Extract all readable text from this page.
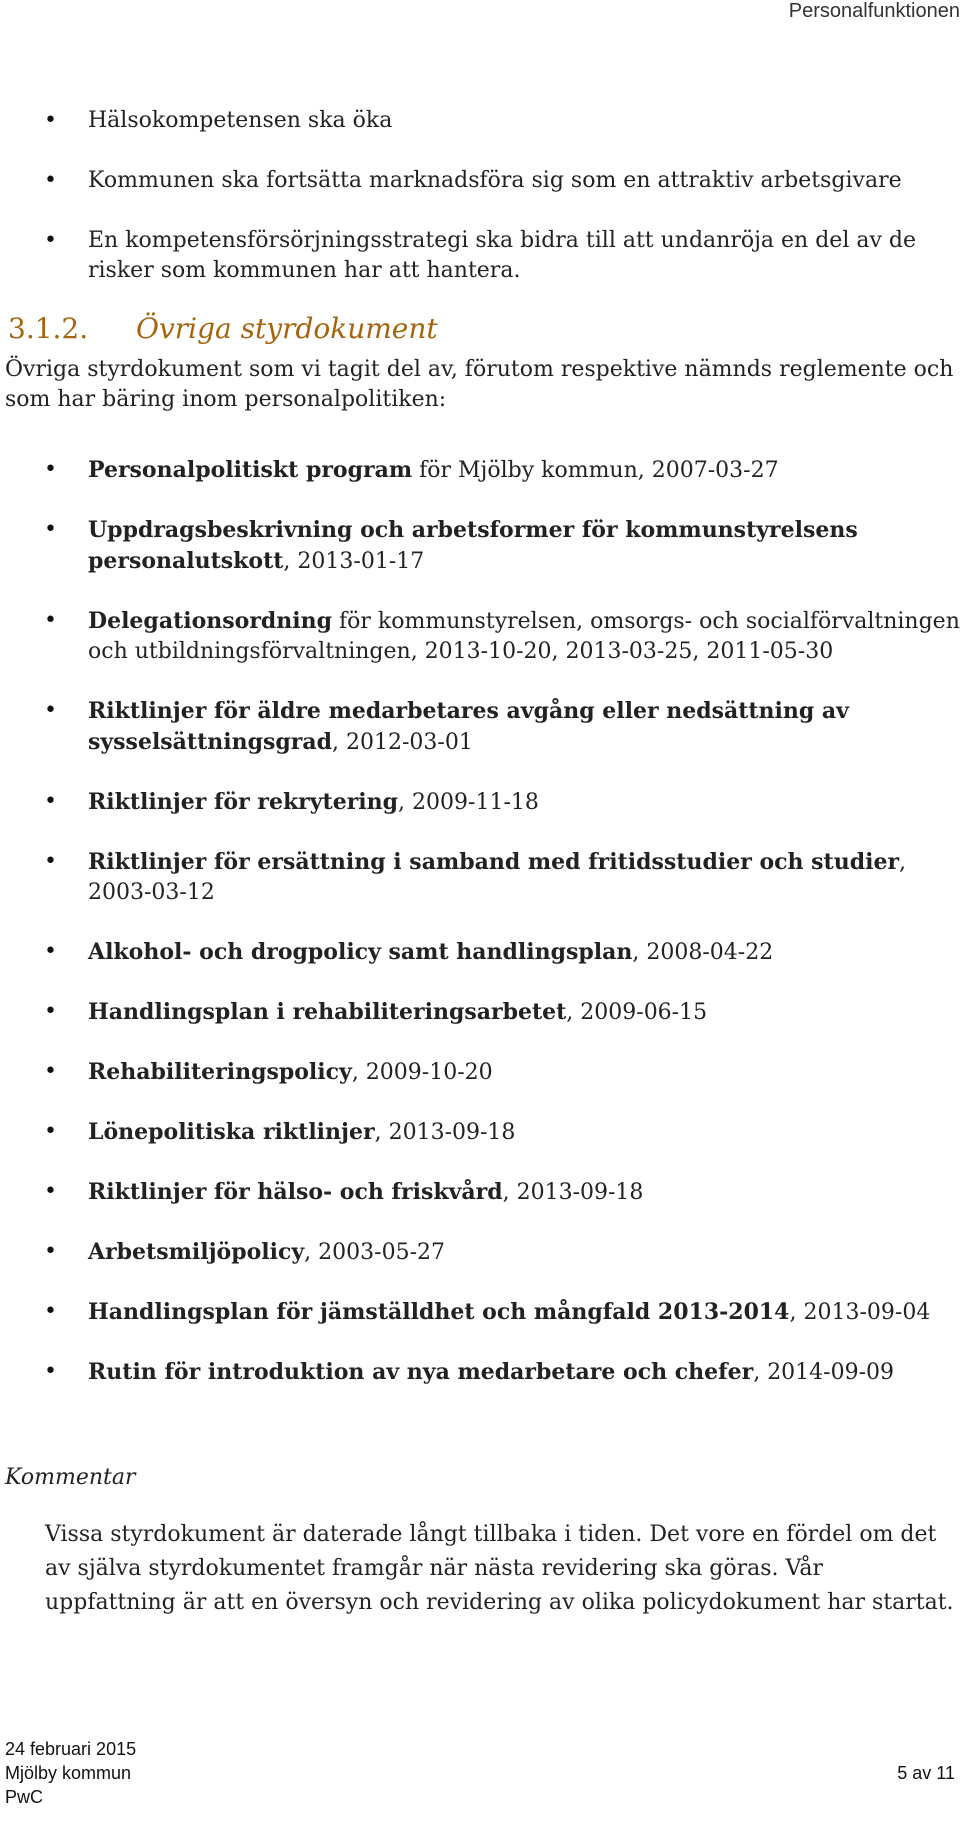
Personalfunktionen
• Hälsokompetensen ska öka
• Kommunen ska fortsätta marknadsföra sig som en attraktiv arbetsgivare
• En kompetensförsörjningsstrategi ska bidra till att undanröja en del av de risker som kommunen har att hantera.
3.1.2. Övriga styrdokument

Övriga styrdokument som vi tagit del av, förutom respektive nämnds reglemente och som har bäring inom personalpolitiken:

• Personalpolitiskt program för Mjölby kommun, 2007-03-27
• Uppdragsbeskrivning och arbetsformer för kommunstyrelsens personalutskott, 2013-01-17
• Delegationsordning för kommunstyrelsen, omsorgs- och socialförvaltningen och utbildningsförvaltningen, 2013-10-20, 2013-03-25, 2011-05-30
• Riktlinjer för äldre medarbetares avgång eller nedsättning av sysselsättningsgrad, 2012-03-01
• Riktlinjer för rekrytering, 2009-11-18
• Riktlinjer för ersättning i samband med fritidsstudier och studier, 2003-03-12
• Alkohol- och drogpolicy samt handlingsplan, 2008-04-22
• Handlingsplan i rehabiliteringsarbetet, 2009-06-15
• Rehabiliteringspolicy, 2009-10-20
• Lönepolitiska riktlinjer, 2013-09-18
• Riktlinjer för hälso- och friskvård, 2013-09-18
• Arbetsmiljöpolicy, 2003-05-27
• Handlingsplan för jämställdhet och mångfald 2013-2014, 2013-09-04
• Rutin för introduktion av nya medarbetare och chefer, 2014-09-09

Kommentar

Vissa styrdokument är daterade långt tillbaka i tiden. Det vore en fördel om det av själva styrdokumentet framgår när nästa revidering ska göras. Vår uppfattning är att en översyn och revidering av olika policydokument har startat.

24 februari 2015
Mjölby kommun
PwC
5 av 11
